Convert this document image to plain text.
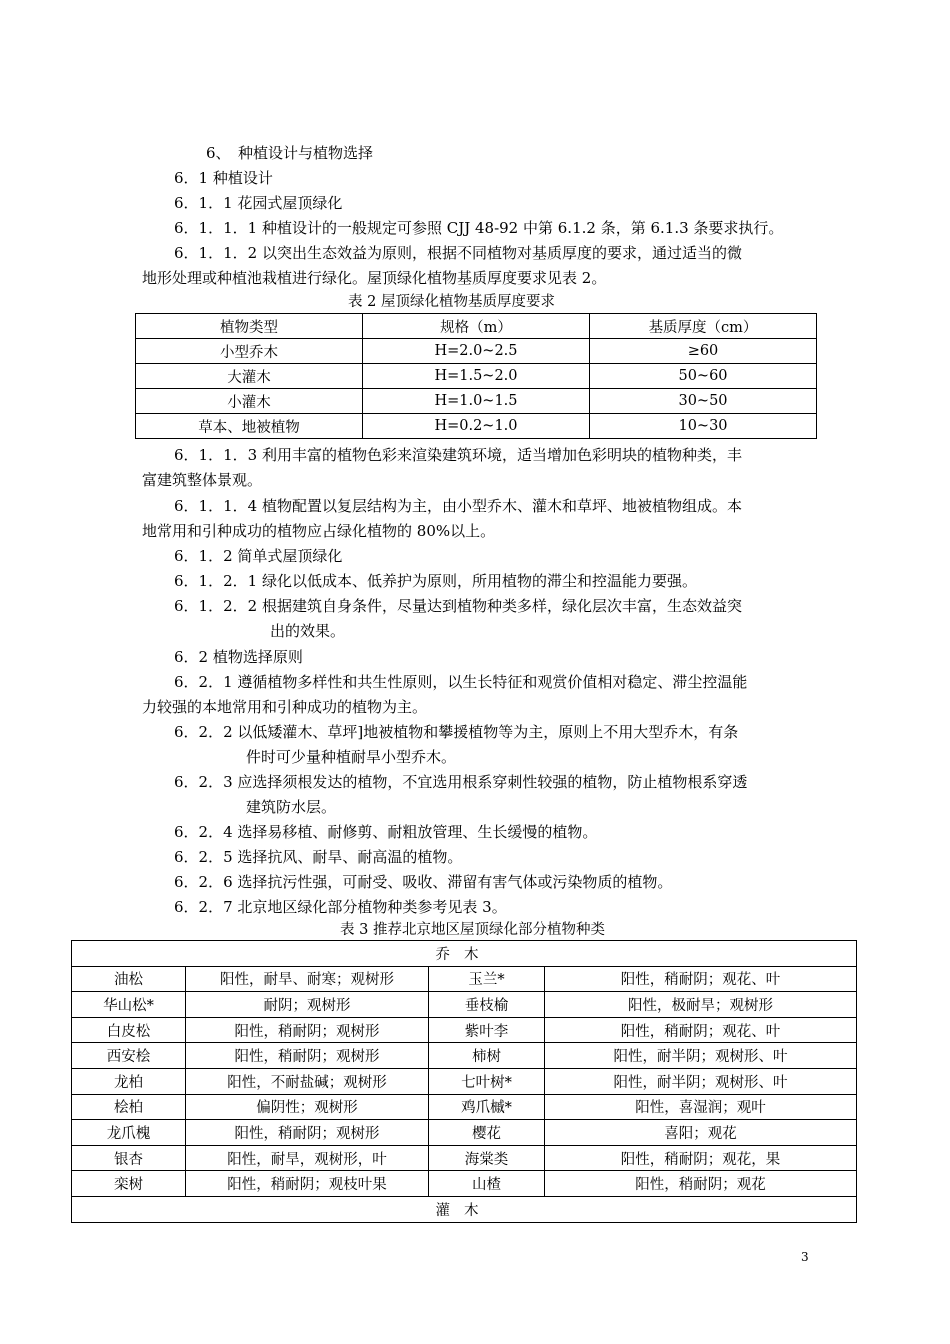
6、　种植设计与植物选择
6．1 种植设计
6．1．1 花园式屋顶绿化
6．1．1．1 种植设计的一般规定可参照 CJJ 48-92 中第 6.1.2 条，第 6.1.3 条要求执行。
6．1．1．2 以突出生态效益为原则，根据不同植物对基质厚度的要求，通过适当的微
地形处理或种植池栽植进行绿化。屋顶绿化植物基质厚度要求见表 2。
表 2 屋顶绿化植物基质厚度要求
植物类型	规格（m）	基质厚度（cm）
小型乔木	H=2.0~2.5	≥60
大灌木	H=1.5~2.0	50~60
小灌木	H=1.0~1.5	30~50
草本、地被植物	H=0.2~1.0	10~30
6．1．1．3 利用丰富的植物色彩来渲染建筑环境，适当增加色彩明块的植物种类，丰
富建筑整体景观。
6．1．1．4 植物配置以复层结构为主，由小型乔木、灌木和草坪、地被植物组成。本
地常用和引种成功的植物应占绿化植物的 80%以上。
6．1．2 简单式屋顶绿化
6．1．2．1 绿化以低成本、低养护为原则，所用植物的滞尘和控温能力要强。
6．1．2．2 根据建筑自身条件，尽量达到植物种类多样，绿化层次丰富，生态效益突
出的效果。
6．2 植物选择原则
6．2．1 遵循植物多样性和共生性原则，以生长特征和观赏价值相对稳定、滞尘控温能
力较强的本地常用和引种成功的植物为主。
6．2．2 以低矮灌木、草坪]地被植物和攀援植物等为主，原则上不用大型乔木，有条
件时可少量种植耐旱小型乔木。
6．2．3 应选择须根发达的植物，不宜选用根系穿刺性较强的植物，防止植物根系穿透
建筑防水层。
6．2．4 选择易移植、耐修剪、耐粗放管理、生长缓慢的植物。
6．2．5 选择抗风、耐旱、耐高温的植物。
6．2．6 选择抗污性强，可耐受、吸收、滞留有害气体或污染物质的植物。
6．2．7 北京地区绿化部分植物种类参考见表 3。
表 3 推荐北京地区屋顶绿化部分植物种类
乔木			
油松	阳性，耐旱、耐寒；观树形	玉兰*	阳性，稍耐阴；观花、叶
华山松*	耐阴；观树形	垂枝榆	阳性，极耐旱；观树形
白皮松	阳性，稍耐阴；观树形	紫叶李	阳性，稍耐阴；观花、叶
西安桧	阳性，稍耐阴；观树形	柿树	阳性，耐半阴；观树形、叶
龙柏	阳性，不耐盐碱；观树形	七叶树*	阳性，耐半阴；观树形、叶
桧柏	偏阴性；观树形	鸡爪槭*	阳性，喜湿润；观叶
龙爪槐	阳性，稍耐阴；观树形	樱花	喜阳；观花
银杏	阳性，耐旱，观树形，叶	海棠类	阳性，稍耐阴；观花，果
栾树	阳性，稍耐阴；观枝叶果	山楂	阳性，稍耐阴；观花
灌木			
3
